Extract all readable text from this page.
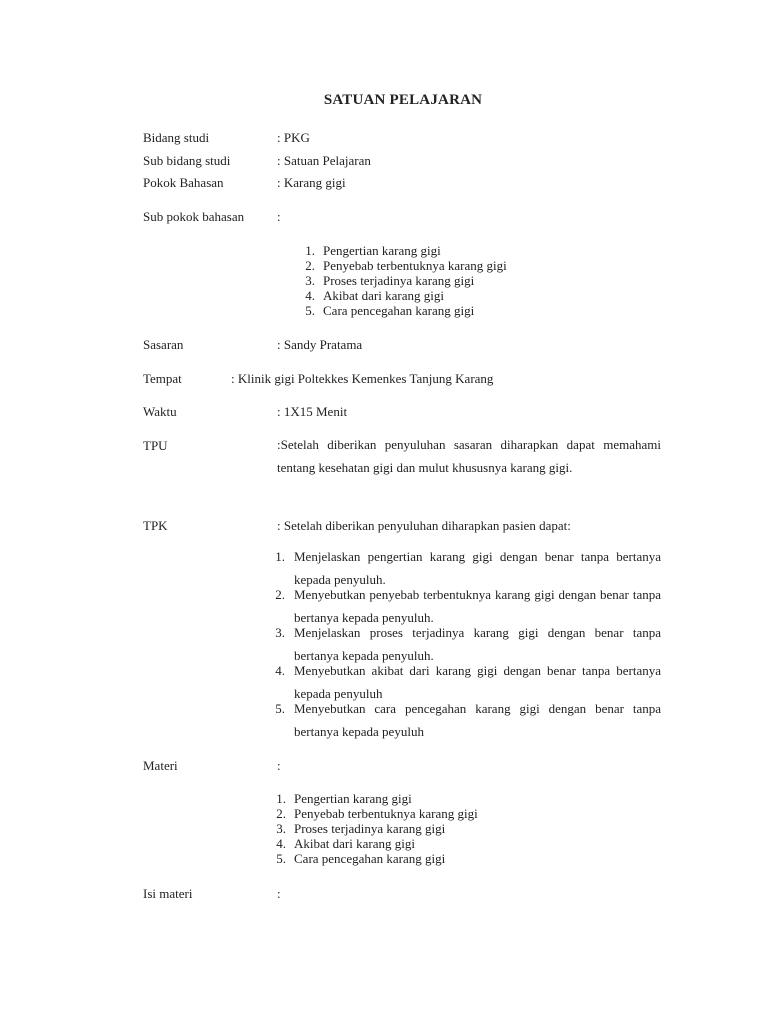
SATUAN PELAJARAN
Bidang studi	: PKG
Sub bidang studi	: Satuan Pelajaran
Pokok Bahasan	: Karang gigi
Sub pokok bahasan	:
1. Pengertian karang gigi
2. Penyebab terbentuknya karang gigi
3. Proses terjadinya karang gigi
4. Akibat dari karang gigi
5. Cara pencegahan karang gigi
Sasaran	: Sandy Pratama
Tempat	: Klinik gigi Poltekkes Kemenkes Tanjung Karang
Waktu	: 1X15 Menit
TPU	:Setelah diberikan penyuluhan sasaran diharapkan dapat memahami tentang kesehatan gigi dan mulut khususnya karang gigi.
TPK	: Setelah diberikan penyuluhan diharapkan pasien dapat:
1. Menjelaskan pengertian karang gigi dengan benar tanpa bertanya kepada penyuluh.
2. Menyebutkan penyebab terbentuknya karang gigi dengan benar tanpa bertanya kepada penyuluh.
3. Menjelaskan proses terjadinya karang gigi dengan benar tanpa bertanya kepada penyuluh.
4. Menyebutkan akibat dari karang gigi dengan benar tanpa bertanya kepada penyuluh
5. Menyebutkan cara pencegahan karang gigi dengan benar tanpa bertanya kepada peyuluh
Materi	:
1. Pengertian karang gigi
2. Penyebab terbentuknya karang gigi
3. Proses terjadinya karang gigi
4. Akibat dari karang gigi
5. Cara pencegahan karang gigi
Isi materi	:
